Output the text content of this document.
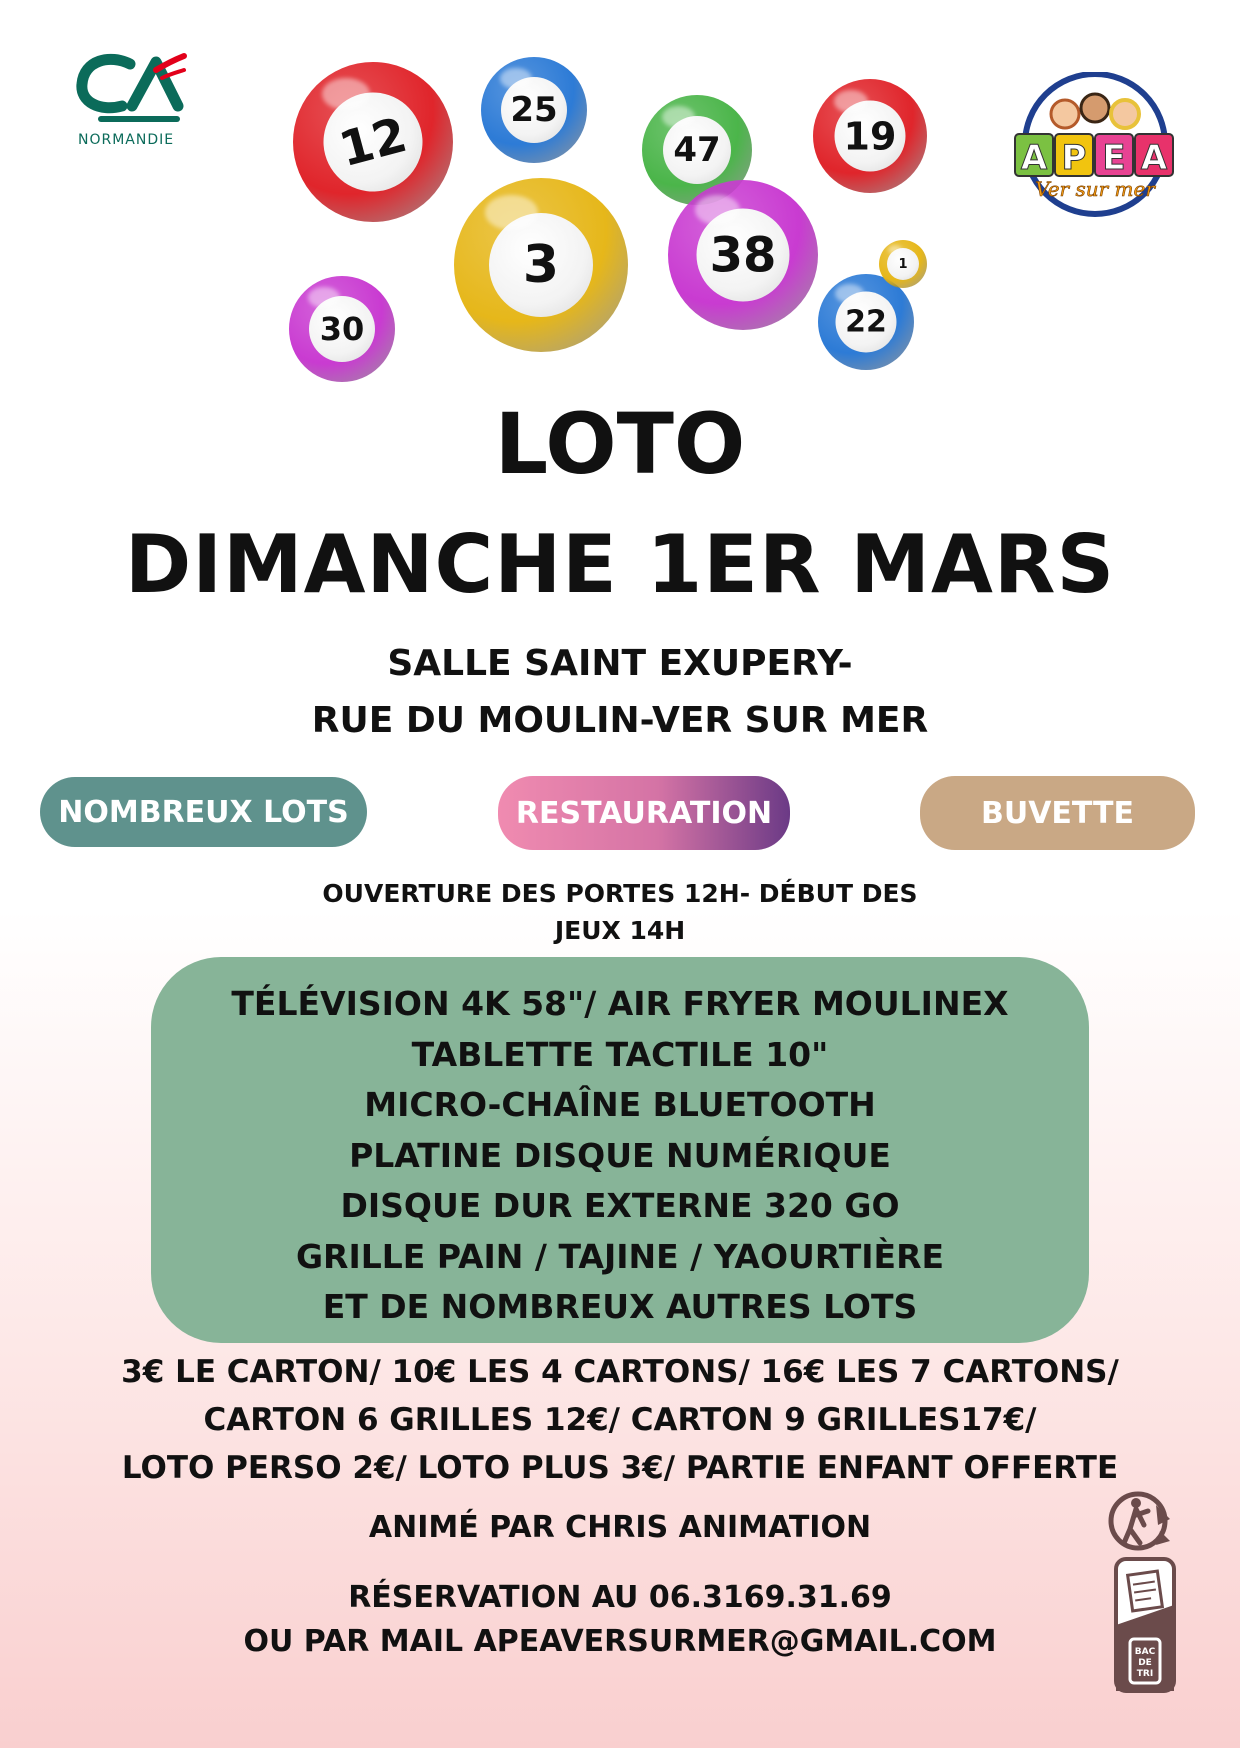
NORMANDIE	A P E A
Ver sur mer
12	25
47	19
3	38
30	22
1
LOTO
DIMANCHE 1ER MARS
SALLE SAINT EXUPERY-
RUE DU MOULIN-VER SUR MER
NOMBREUX LOTS	RESTAURATION	BUVETTE
OUVERTURE DES PORTES 12H- DÉBUT DES
JEUX 14H
TÉLÉVISION 4K 58"/ AIR FRYER MOULINEX
TABLETTE TACTILE 10"
MICRO-CHAÎNE BLUETOOTH
PLATINE DISQUE NUMÉRIQUE
DISQUE DUR EXTERNE 320 GO
GRILLE PAIN / TAJINE / YAOURTIÈRE
ET DE NOMBREUX AUTRES LOTS
3€ LE CARTON/ 10€ LES 4 CARTONS/ 16€ LES 7 CARTONS/
CARTON 6 GRILLES 12€/ CARTON 9 GRILLES17€/
LOTO PERSO 2€/ LOTO PLUS 3€/ PARTIE ENFANT OFFERTE
ANIMÉ PAR CHRIS ANIMATION
RÉSERVATION AU 06.3169.31.69
OU PAR MAIL APEAVERSURMER@GMAIL.COM	BAC
DE
TRI
